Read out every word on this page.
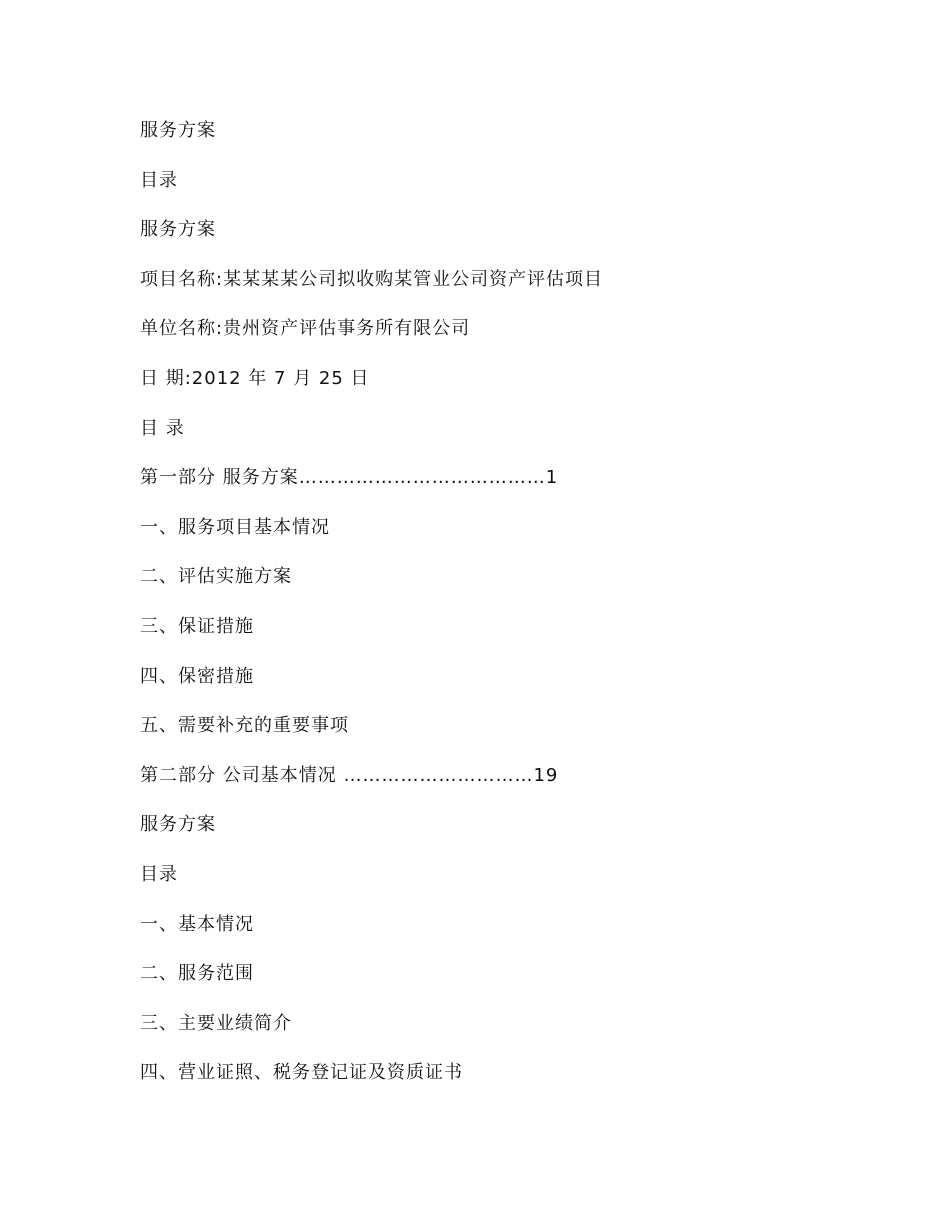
服务方案
目录
服务方案
项目名称:某某某某公司拟收购某管业公司资产评估项目
单位名称:贵州资产评估事务所有限公司
日 期:2012 年 7 月 25 日
目 录
第一部分 服务方案…………………………………1
一、服务项目基本情况
二、评估实施方案
三、保证措施
四、保密措施
五、需要补充的重要事项
第二部分 公司基本情况 …………………………19
服务方案
目录
一、基本情况
二、服务范围
三、主要业绩简介
四、营业证照、税务登记证及资质证书
